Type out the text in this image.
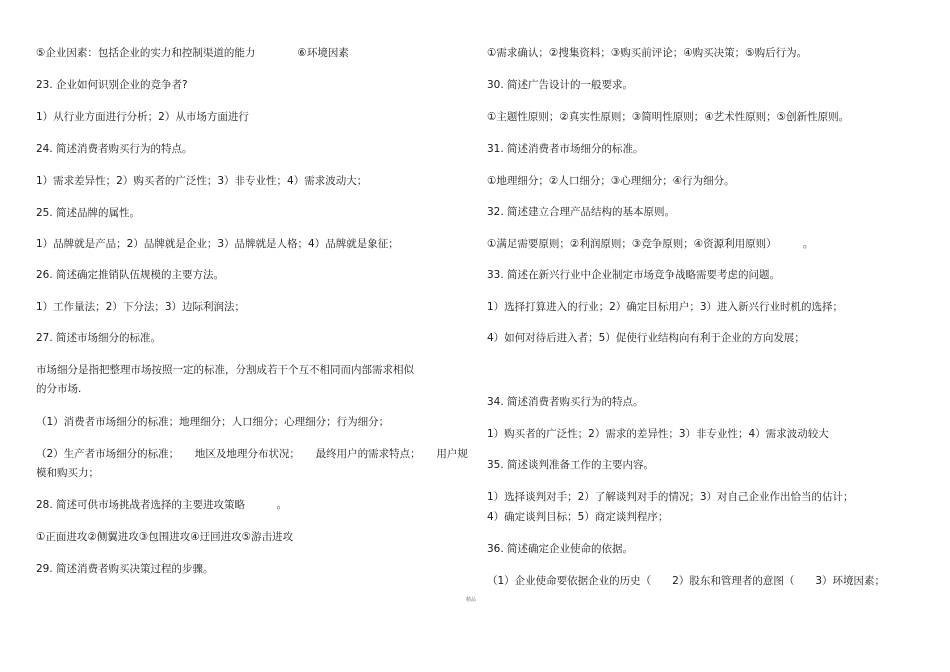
⑤企业因素：包括企业的实力和控制渠道的能力　　　　⑥环境因素
23. 企业如何识别企业的竞争者?
1）从行业方面进行分析；2）从市场方面进行
24. 简述消费者购买行为的特点。
1）需求差异性；2）购买者的广泛性；3）非专业性；4）需求波动大；
25. 简述品牌的属性。
1）品牌就是产品；2）品牌就是企业；3）品牌就是人格；4）品牌就是象征；
26. 简述确定推销队伍规模的主要方法。
1）工作量法；2）下分法；3）边际利润法；
27. 简述市场细分的标准。
市场细分是指把整理市场按照一定的标准，分割成若干个互不相同而内部需求相似
的分市场.
（1）消费者市场细分的标准；地理细分；人口细分；心理细分；行为细分；
（2）生产者市场细分的标准；　　地区及地理分布状况；　　最终用户的需求特点；　　用户规
模和购买力；
28. 简述可供市场挑战者选择的主要进攻策略　　　。
①正面进攻②侧翼进攻③包围进攻④迂回进攻⑤游击进攻
29. 简述消费者购买决策过程的步骤。
①需求确认；②搜集资料；③购买前评论；④购买决策；⑤购后行为。
30. 简述广告设计的一般要求。
①主题性原则；②真实性原则；③简明性原则；④艺术性原则；⑤创新性原则。
31. 简述消费者市场细分的标准。
①地理细分；②人口细分；③心理细分；④行为细分。
32. 简述建立合理产品结构的基本原则。
①满足需要原则；②利润原则；③竞争原则；④资源利用原则）　　　。
33. 简述在新兴行业中企业制定市场竞争战略需要考虑的问题。
1）选择打算进入的行业；2）确定目标用户；3）进入新兴行业时机的选择；
4）如何对待后进入者；5）促使行业结构向有利于企业的方向发展；
34. 简述消费者购买行为的特点。
1）购买者的广泛性；2）需求的差异性；3）非专业性；4）需求波动较大
35. 简述谈判准备工作的主要内容。
1）选择谈判对手；2）了解谈判对手的情况；3）对自己企业作出恰当的估计；
4）确定谈判目标；5）商定谈判程序；
36. 简述确定企业使命的依据。
（1）企业使命要依据企业的历史（　　2）股东和管理者的意图（　　3）环境因素；
精品
